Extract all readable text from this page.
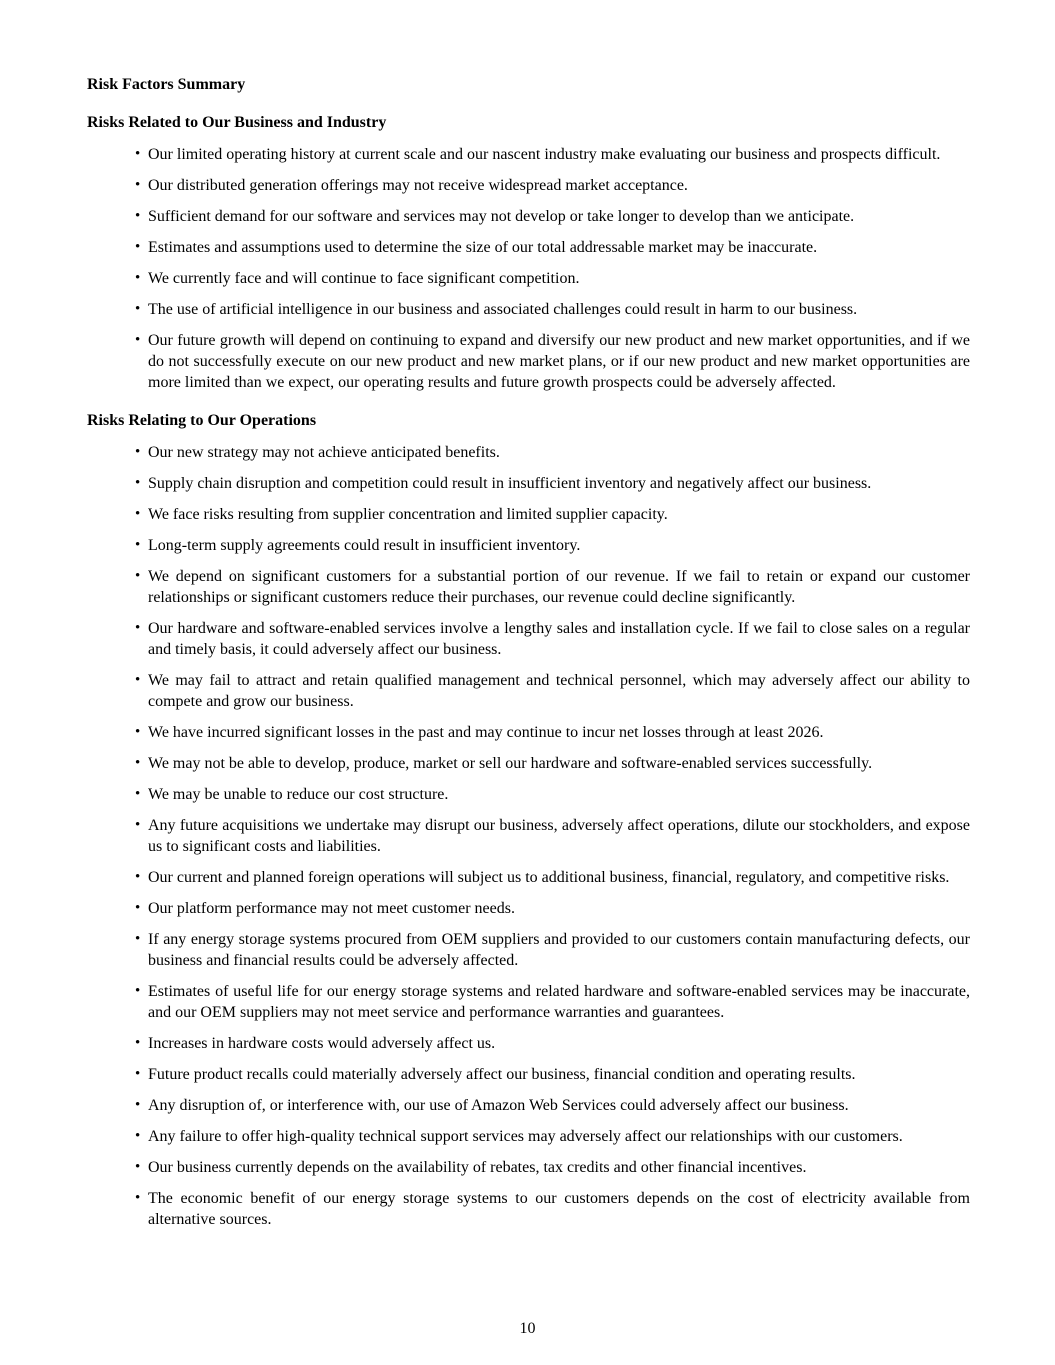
Risk Factors Summary
Risks Related to Our Business and Industry
• Our limited operating history at current scale and our nascent industry make evaluating our business and prospects difficult.
• Our distributed generation offerings may not receive widespread market acceptance.
• Sufficient demand for our software and services may not develop or take longer to develop than we anticipate.
• Estimates and assumptions used to determine the size of our total addressable market may be inaccurate.
• We currently face and will continue to face significant competition.
• The use of artificial intelligence in our business and associated challenges could result in harm to our business.
• Our future growth will depend on continuing to expand and diversify our new product and new market opportunities, and if we do not successfully execute on our new product and new market plans, or if our new product and new market opportunities are more limited than we expect, our operating results and future growth prospects could be adversely affected.
Risks Relating to Our Operations
• Our new strategy may not achieve anticipated benefits.
• Supply chain disruption and competition could result in insufficient inventory and negatively affect our business.
• We face risks resulting from supplier concentration and limited supplier capacity.
• Long-term supply agreements could result in insufficient inventory.
• We depend on significant customers for a substantial portion of our revenue. If we fail to retain or expand our customer relationships or significant customers reduce their purchases, our revenue could decline significantly.
• Our hardware and software-enabled services involve a lengthy sales and installation cycle. If we fail to close sales on a regular and timely basis, it could adversely affect our business.
• We may fail to attract and retain qualified management and technical personnel, which may adversely affect our ability to compete and grow our business.
• We have incurred significant losses in the past and may continue to incur net losses through at least 2026.
• We may not be able to develop, produce, market or sell our hardware and software-enabled services successfully.
• We may be unable to reduce our cost structure.
• Any future acquisitions we undertake may disrupt our business, adversely affect operations, dilute our stockholders, and expose us to significant costs and liabilities.
• Our current and planned foreign operations will subject us to additional business, financial, regulatory, and competitive risks.
• Our platform performance may not meet customer needs.
• If any energy storage systems procured from OEM suppliers and provided to our customers contain manufacturing defects, our business and financial results could be adversely affected.
• Estimates of useful life for our energy storage systems and related hardware and software-enabled services may be inaccurate, and our OEM suppliers may not meet service and performance warranties and guarantees.
• Increases in hardware costs would adversely affect us.
• Future product recalls could materially adversely affect our business, financial condition and operating results.
• Any disruption of, or interference with, our use of Amazon Web Services could adversely affect our business.
• Any failure to offer high-quality technical support services may adversely affect our relationships with our customers.
• Our business currently depends on the availability of rebates, tax credits and other financial incentives.
• The economic benefit of our energy storage systems to our customers depends on the cost of electricity available from alternative sources.
10
